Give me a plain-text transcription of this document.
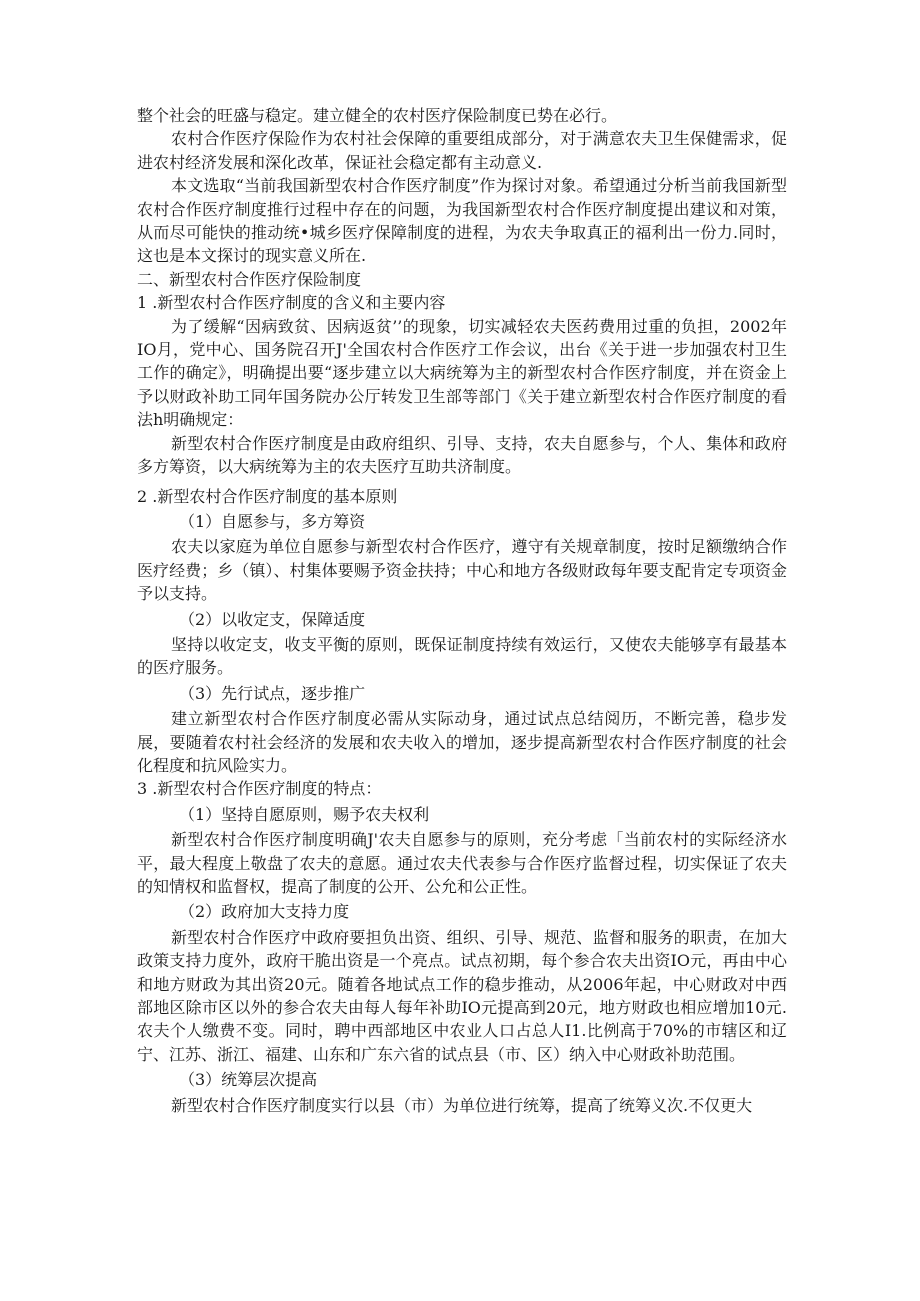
整个社会的旺盛与稳定。建立健全的农村医疗保险制度已势在必行。

农村合作医疗保险作为农村社会保障的重要组成部分，对于满意农夫卫生保健需求，促进农村经济发展和深化改革，保证社会稳定都有主动意义.

本文选取“当前我国新型农村合作医疗制度”作为探讨对象。希望通过分析当前我国新型农村合作医疗制度推行过程中存在的问题，为我国新型农村合作医疗制度提出建议和对策，从而尽可能快的推动统•城乡医疗保障制度的进程，为农夫争取真正的福利出一份力.同时，这也是本文探讨的现实意义所在.

二、新型农村合作医疗保险制度

1 .新型农村合作医疗制度的含义和主要内容

为了缓解“因病致贫、因病返贫’’的现象，切实减轻农夫医药费用过重的负担，2002年IO月，党中心、国务院召开J'全国农村合作医疗工作会议，出台《关于进一步加强农村卫生工作的确定》，明确提出要“逐步建立以大病统筹为主的新型农村合作医疗制度，并在资金上予以财政补助工同年国务院办公厅转发卫生部等部门《关于建立新型农村合作医疗制度的看法h明确规定：

新型农村合作医疗制度是由政府组织、引导、支持，农夫自愿参与，个人、集体和政府多方筹资，以大病统筹为主的农夫医疗互助共济制度。

2 .新型农村合作医疗制度的基本原则

（1）自愿参与，多方筹资

农夫以家庭为单位自愿参与新型农村合作医疗，遵守有关规章制度，按时足额缴纳合作医疗经费；乡（镇）、村集体要赐予资金扶持；中心和地方各级财政每年要支配肯定专项资金予以支持。

（2）以收定支，保障适度

坚持以收定支，收支平衡的原则，既保证制度持续有效运行，又使农夫能够享有最基本的医疗服务。

（3）先行试点，逐步推广

建立新型农村合作医疗制度必需从实际动身，通过试点总结阅历，不断完善，稳步发展，要随着农村社会经济的发展和农夫收入的增加，逐步提高新型农村合作医疗制度的社会化程度和抗风险实力。

3 .新型农村合作医疗制度的特点：

（1）坚持自愿原则，赐予农夫权利

新型农村合作医疗制度明确J'农夫自愿参与的原则，充分考虑「当前农村的实际经济水平，最大程度上敬盘了农夫的意愿。通过农夫代表参与合作医疗监督过程，切实保证了农夫的知情权和监督权，提高了制度的公开、公允和公正性。

（2）政府加大支持力度

新型农村合作医疗中政府要担负出资、组织、引导、规范、监督和服务的职责，在加大政策支持力度外，政府干脆出资是一个亮点。试点初期，每个参合农夫出资IO元，再由中心和地方财政为其出资20元。随着各地试点工作的稳步推动，从2006年起，中心财政对中西部地区除市区以外的参合农夫由每人每年补助IO元提高到20元，地方财政也相应增加10元.农夫个人缴费不变。同时，聘中西部地区中农业人口占总人I1.比例高于70%的市辖区和辽宁、江苏、浙江、福建、山东和广东六省的试点县（市、区）纳入中心财政补助范围。

（3）统筹层次提高

新型农村合作医疗制度实行以县（市）为单位进行统筹，提高了统筹义次.不仅更大
